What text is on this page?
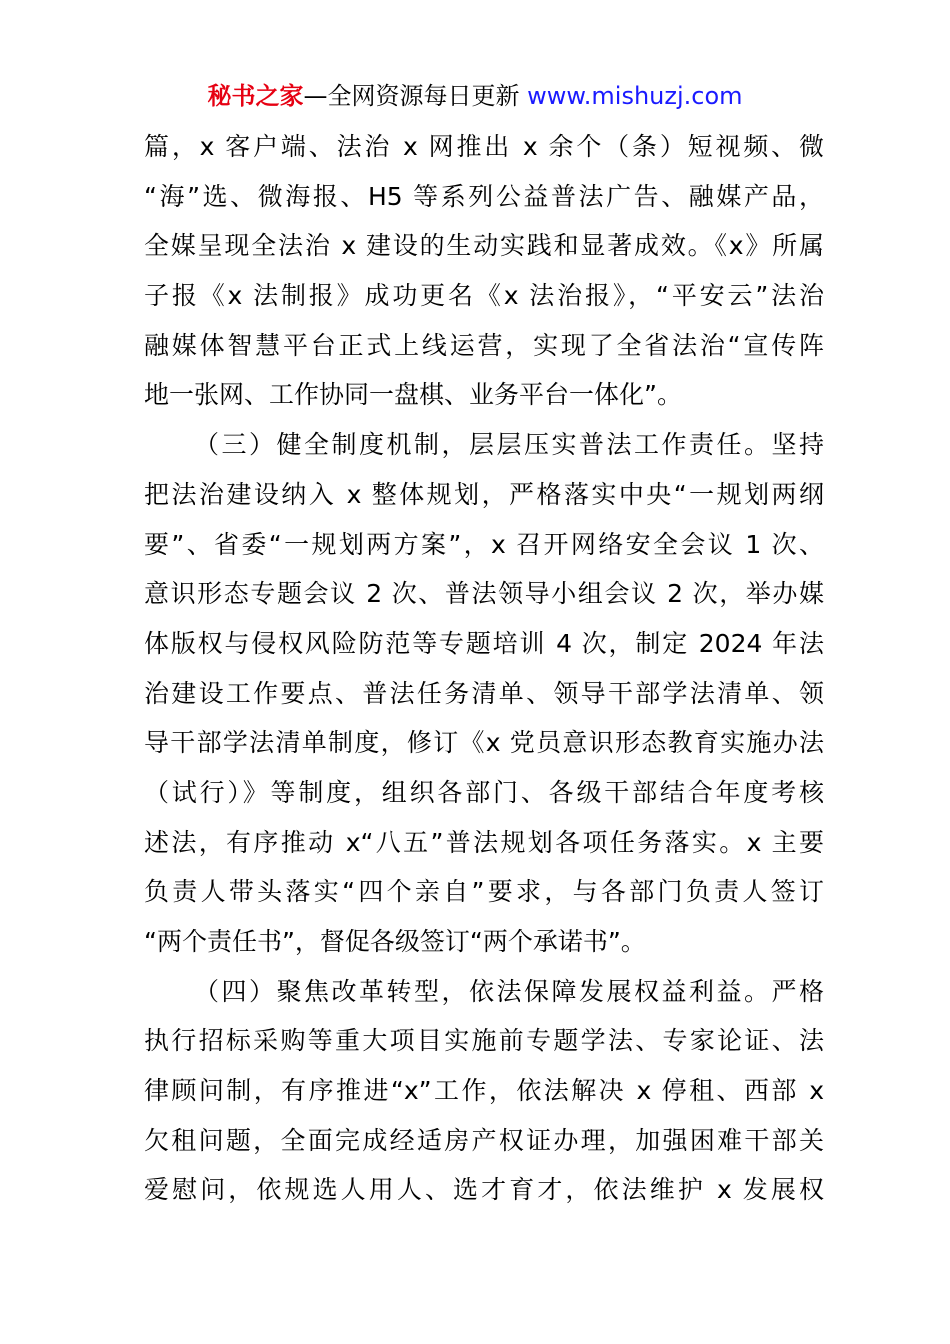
秘书之家—全网资源每日更新 www.mishuzj.com
篇，x 客户端、法治 x 网推出 x 余个（条）短视频、微
“海”选、微海报、H5 等系列公益普法广告、融媒产品，
全媒呈现全法治 x 建设的生动实践和显著成效。《x》所属
子报《x 法制报》成功更名《x 法治报》，“平安云”法治
融媒体智慧平台正式上线运营，实现了全省法治“宣传阵
地一张网、工作协同一盘棋、业务平台一体化”。
（三）健全制度机制，层层压实普法工作责任。坚持
把法治建设纳入 x 整体规划，严格落实中央“一规划两纲
要”、省委“一规划两方案”，x 召开网络安全会议 1 次、
意识形态专题会议 2 次、普法领导小组会议 2 次，举办媒
体版权与侵权风险防范等专题培训 4 次，制定 2024 年法
治建设工作要点、普法任务清单、领导干部学法清单、领
导干部学法清单制度，修订《x 党员意识形态教育实施办法
（试行）》等制度，组织各部门、各级干部结合年度考核
述法，有序推动 x“八五”普法规划各项任务落实。x 主要
负责人带头落实“四个亲自”要求，与各部门负责人签订
“两个责任书”，督促各级签订“两个承诺书”。
（四）聚焦改革转型，依法保障发展权益利益。严格
执行招标采购等重大项目实施前专题学法、专家论证、法
律顾问制，有序推进“x”工作，依法解决 x 停租、西部 x
欠租问题，全面完成经适房产权证办理，加强困难干部关
爱慰问，依规选人用人、选才育才，依法维护 x 发展权
